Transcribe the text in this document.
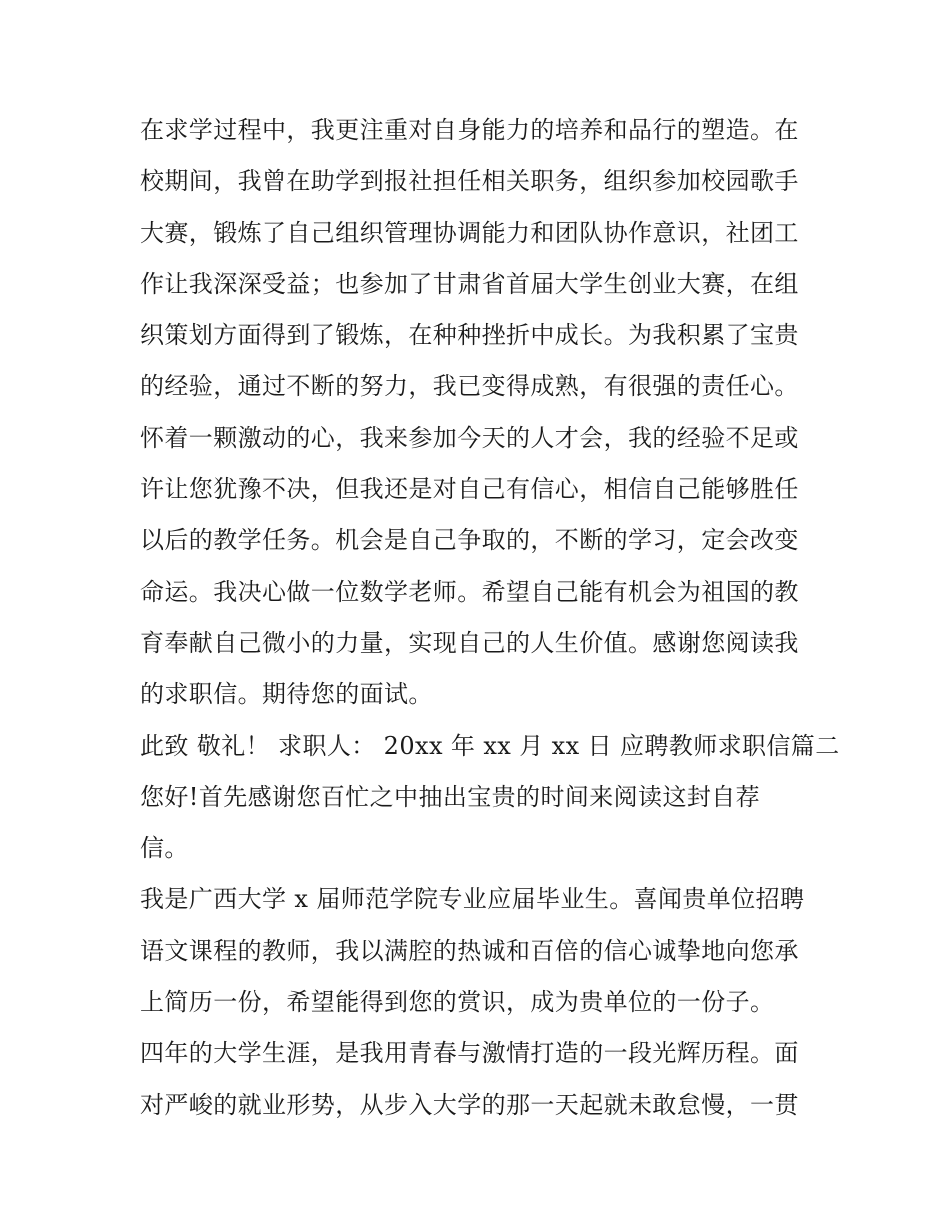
在求学过程中，我更注重对自身能力的培养和品行的塑造。在
校期间，我曾在助学到报社担任相关职务，组织参加校园歌手
大赛，锻炼了自己组织管理协调能力和团队协作意识，社团工
作让我深深受益；也参加了甘肃省首届大学生创业大赛，在组
织策划方面得到了锻炼，在种种挫折中成长。为我积累了宝贵
的经验，通过不断的努力，我已变得成熟，有很强的责任心。
怀着一颗激动的心，我来参加今天的人才会，我的经验不足或
许让您犹豫不决，但我还是对自己有信心，相信自己能够胜任
以后的教学任务。机会是自己争取的，不断的学习，定会改变
命运。我决心做一位数学老师。希望自己能有机会为祖国的教
育奉献自己微小的力量，实现自己的人生价值。感谢您阅读我
的求职信。期待您的面试。
此致 敬礼！ 求职人： 20xx 年 xx 月 xx 日 应聘教师求职信篇二
您好!首先感谢您百忙之中抽出宝贵的时间来阅读这封自荐
信。
我是广西大学 x 届师范学院专业应届毕业生。喜闻贵单位招聘
语文课程的教师，我以满腔的热诚和百倍的信心诚挚地向您承
上简历一份，希望能得到您的赏识，成为贵单位的一份子。
四年的大学生涯，是我用青春与激情打造的一段光辉历程。面
对严峻的就业形势，从步入大学的那一天起就未敢怠慢，一贯
